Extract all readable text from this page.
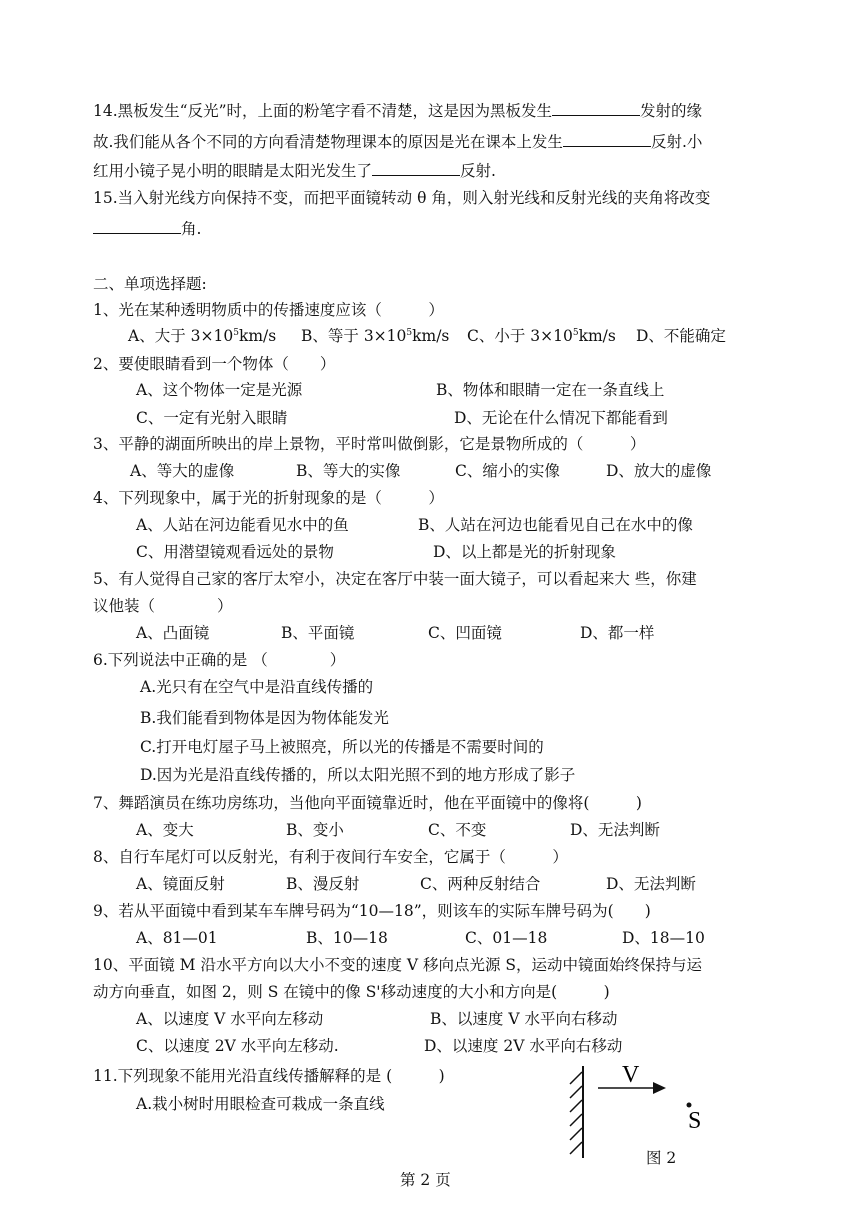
14.黑板发生“反光”时，上面的粉笔字看不清楚，这是因为黑板发生	发射的缘
故.我们能从各个不同的方向看清楚物理课本的原因是光在课本上发生	反射.小
红用小镜子晃小明的眼睛是太阳光发生了	反射.
15.当入射光线方向保持不变，而把平面镜转动 θ 角，则入射光线和反射光线的夹角将改变
角.
二、单项选择题:
1、光在某种透明物质中的传播速度应该（　　　）
A、大于 $3\times 10^5km/s$ B、等于 $3\times 10^5km/s$ C、小于 $3\times 10^5km/s$ D、不能确定
2、要使眼睛看到一个物体（　　）
A、这个物体一定是光源	B、物体和眼睛一定在一条直线上
C、一定有光射入眼睛	D、无论在什么情况下都能看到
3、平静的湖面所映出的岸上景物，平时常叫做倒影，它是景物所成的（　　　）
A、等大的虚像	B、等大的实像	C、缩小的实像	D、放大的虚像
4、下列现象中，属于光的折射现象的是（　　　）
A、人站在河边能看见水中的鱼	B、人站在河边也能看见自己在水中的像
C、用潜望镜观看远处的景物	D、以上都是光的折射现象
5、有人觉得自己家的客厅太窄小，决定在客厅中装一面大镜子，可以看起来大 些，你建
议他装（　　　　）
A、凸面镜	B、平面镜	C、凹面镜	D、都一样
6.下列说法中正确的是 （　　　　）
A.光只有在空气中是沿直线传播的
B.我们能看到物体是因为物体能发光
C.打开电灯屋子马上被照亮，所以光的传播是不需要时间的
D.因为光是沿直线传播的，所以太阳光照不到的地方形成了影子
7、舞蹈演员在练功房练功，当他向平面镜靠近时，他在平面镜中的像将(　　　)
A、变大	B、变小	C、不变	D、无法判断
8、自行车尾灯可以反射光，有利于夜间行车安全，它属于（　　　）
A、镜面反射	B、漫反射	C、两种反射结合	D、无法判断
9、若从平面镜中看到某车车牌号码为“10—18”，则该车的实际车牌号码为(　　)
A、81—01	B、10—18	C、01—18	D、18—10
10、平面镜 M 沿水平方向以大小不变的速度 V 移向点光源 S，运动中镜面始终保持与运
动方向垂直，如图 2，则 S 在镜中的像 S'移动速度的大小和方向是(　　　)
A、以速度 V 水平向左移动	B、以速度 V 水平向右移动
C、以速度 2V 水平向左移动.	D、以速度 2V 水平向右移动
11.下列现象不能用光沿直线传播解释的是 (　　　)
A.栽小树时用眼检查可栽成一条直线
V
S
图 2
第 2 页
